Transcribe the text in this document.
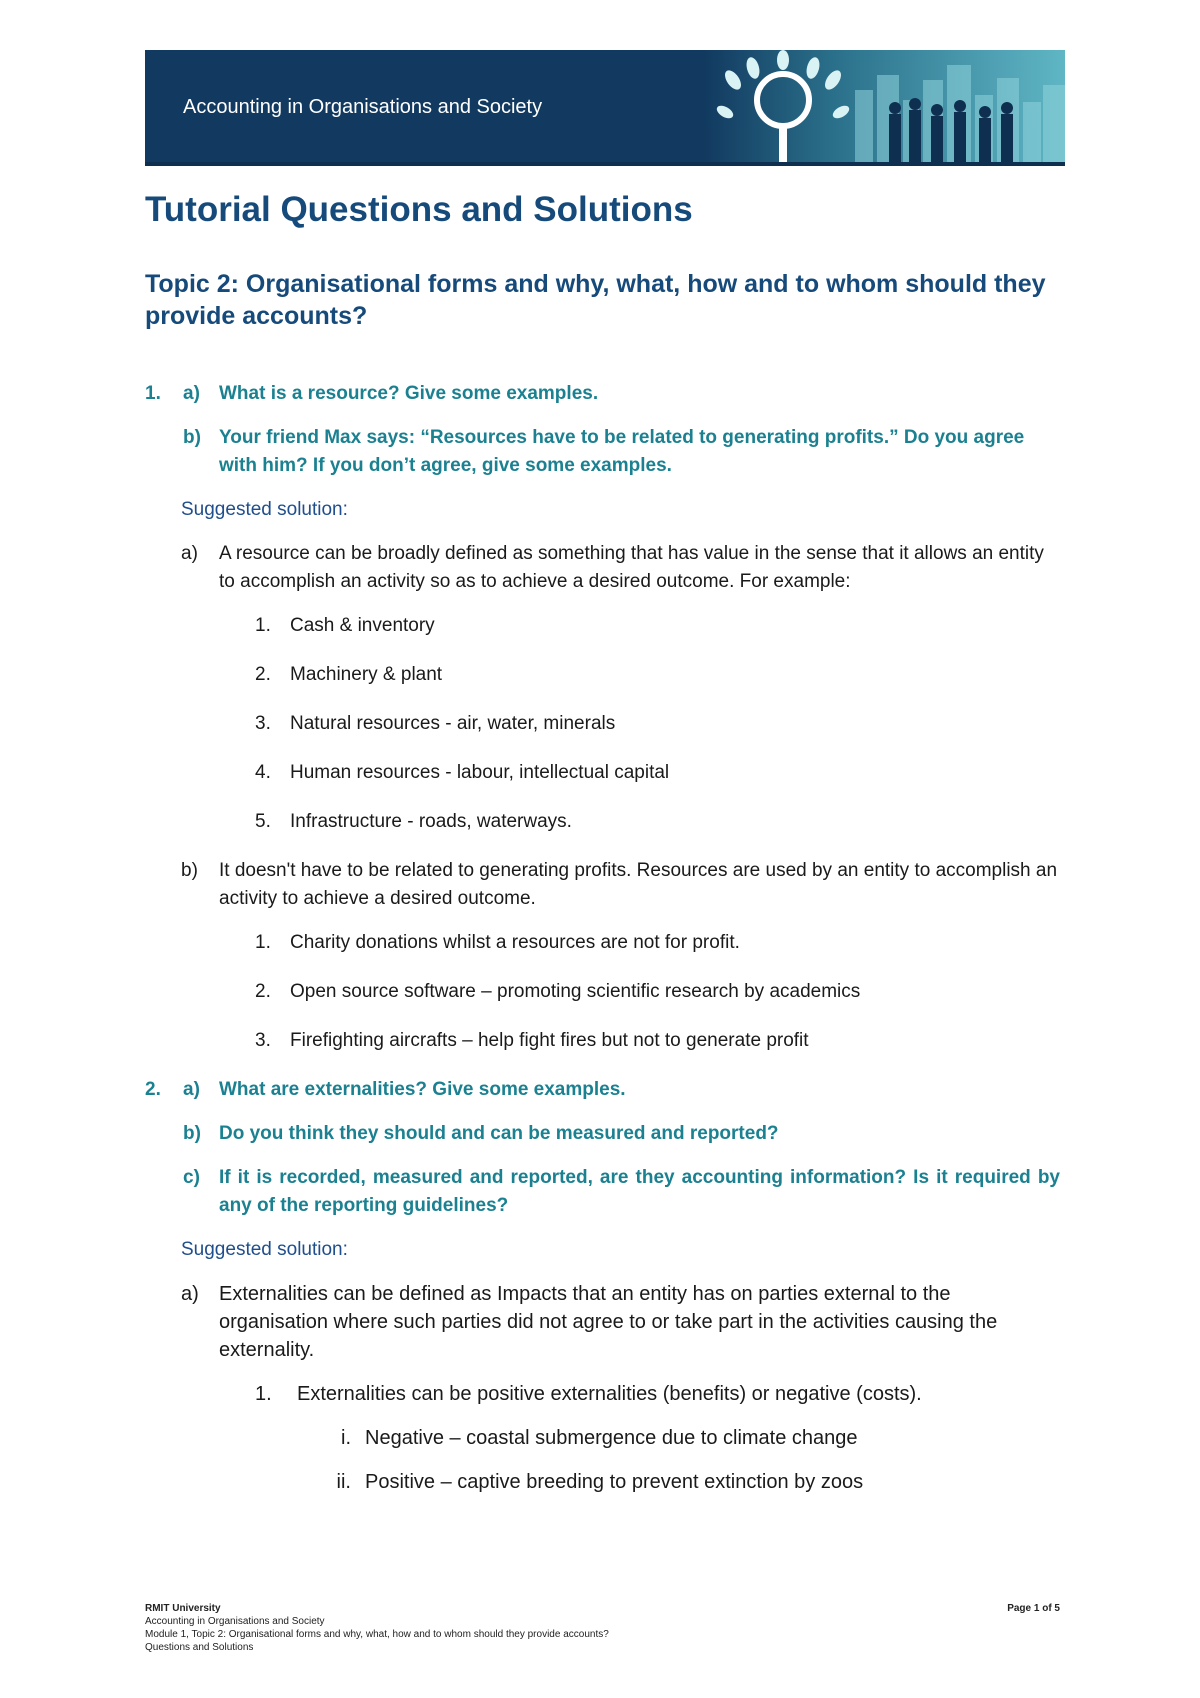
Accounting in Organisations and Society
Tutorial Questions and Solutions
Topic 2: Organisational forms and why, what, how and to whom should they provide accounts?
1. a) What is a resource? Give some examples.
b) Your friend Max says: “Resources have to be related to generating profits.” Do you agree with him? If you don’t agree, give some examples.
Suggested solution:
a) A resource can be broadly defined as something that has value in the sense that it allows an entity to accomplish an activity so as to achieve a desired outcome. For example:
1. Cash & inventory
2. Machinery & plant
3. Natural resources - air, water, minerals
4. Human resources - labour, intellectual capital
5. Infrastructure - roads, waterways.
b) It doesn't have to be related to generating profits. Resources are used by an entity to accomplish an activity to achieve a desired outcome.
1. Charity donations whilst a resources are not for profit.
2. Open source software – promoting scientific research by academics
3. Firefighting aircrafts – help fight fires but not to generate profit
2. a) What are externalities? Give some examples.
b) Do you think they should and can be measured and reported?
c) If it is recorded, measured and reported, are they accounting information? Is it required by any of the reporting guidelines?
Suggested solution:
a) Externalities can be defined as Impacts that an entity has on parties external to the organisation where such parties did not agree to or take part in the activities causing the externality.
1. Externalities can be positive externalities (benefits) or negative (costs).
i. Negative – coastal submergence due to climate change
ii. Positive – captive breeding to prevent extinction by zoos
RMIT University
Accounting in Organisations and Society
Module 1, Topic 2: Organisational forms and why, what, how and to whom should they provide accounts?
Questions and Solutions
Page 1 of 5
